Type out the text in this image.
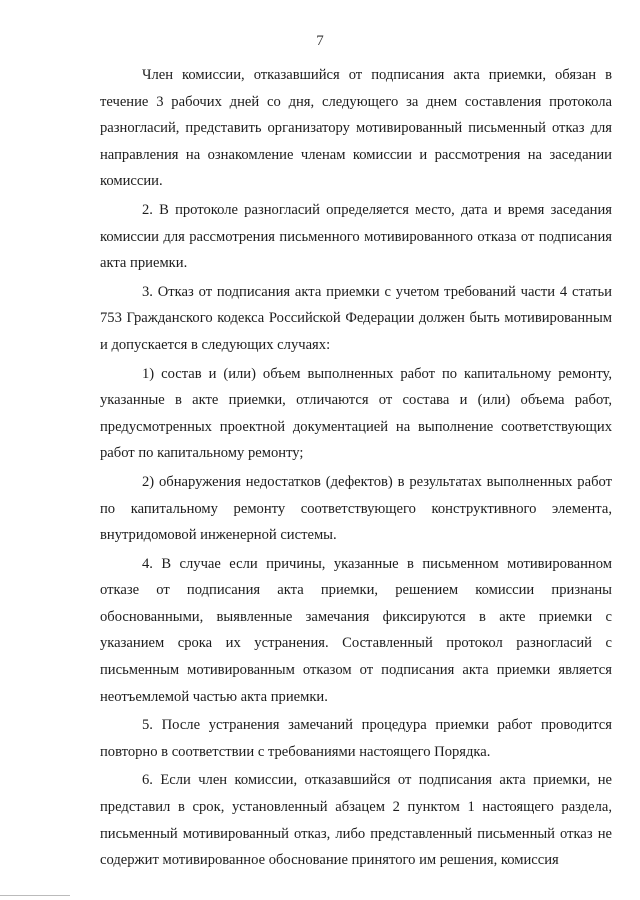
7

Член комиссии, отказавшийся от подписания акта приемки, обязан в течение 3 рабочих дней со дня, следующего за днем составления протокола разногласий, представить организатору мотивированный письменный отказ для направления на ознакомление членам комиссии и рассмотрения на заседании комиссии.

2. В протоколе разногласий определяется место, дата и время заседания комиссии для рассмотрения письменного мотивированного отказа от подписания акта приемки.

3. Отказ от подписания акта приемки с учетом требований части 4 статьи 753 Гражданского кодекса Российской Федерации должен быть мотивированным и допускается в следующих случаях:

1) состав и (или) объем выполненных работ по капитальному ремонту, указанные в акте приемки, отличаются от состава и (или) объема работ, предусмотренных проектной документацией на выполнение соответствующих работ по капитальному ремонту;

2) обнаружения недостатков (дефектов) в результатах выполненных работ по капитальному ремонту соответствующего конструктивного элемента, внутридомовой инженерной системы.

4. В случае если причины, указанные в письменном мотивированном отказе от подписания акта приемки, решением комиссии признаны обоснованными, выявленные замечания фиксируются в акте приемки с указанием срока их устранения. Составленный протокол разногласий с письменным мотивированным отказом от подписания акта приемки является неотъемлемой частью акта приемки.

5. После устранения замечаний процедура приемки работ проводится повторно в соответствии с требованиями настоящего Порядка.

6. Если член комиссии, отказавшийся от подписания акта приемки, не представил в срок, установленный абзацем 2 пунктом 1 настоящего раздела, письменный мотивированный отказ, либо представленный письменный отказ не содержит мотивированное обоснование принятого им решения, комиссия
